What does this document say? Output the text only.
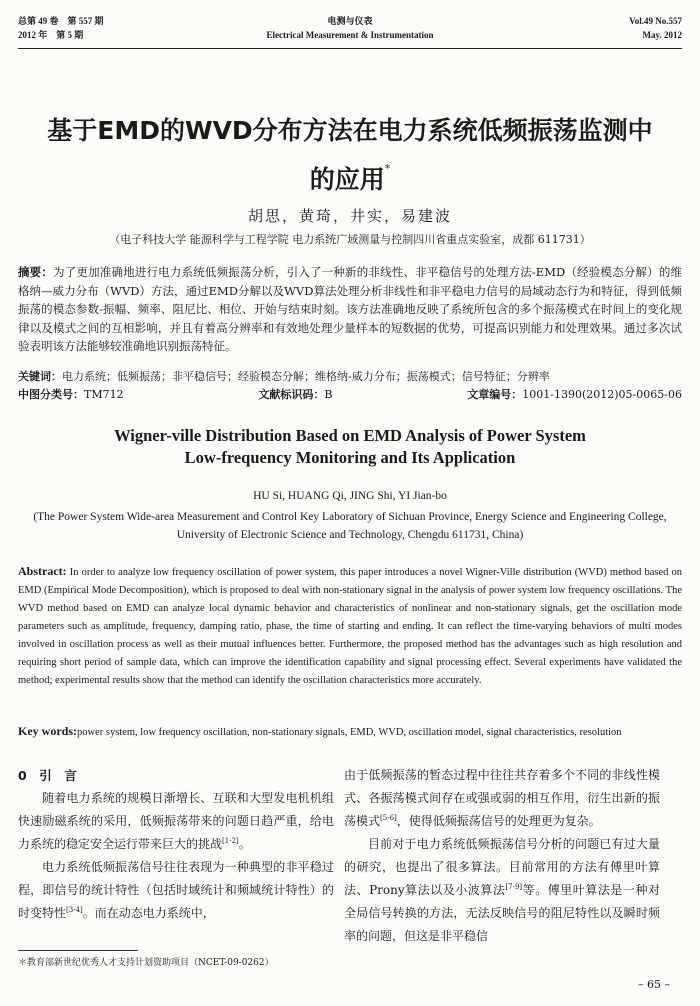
总第 49 卷　第 557 期	电测与仪表	Vol.49 No.557
2012 年　第 5 期	Electrical Measurement & Instrumentation	May. 2012
基于EMD的WVD分布方法在电力系统低频振荡监测中
的应用*
胡思，黄琦，井实，易建波
（电子科技大学 能源科学与工程学院 电力系统广域测量与控制四川省重点实验室，成都 611731）
摘要：为了更加准确地进行电力系统低频振荡分析，引入了一种新的非线性、非平稳信号的处理方法-EMD（经验模态分解）的维格纳—威力分布（WVD）方法，通过EMD分解以及WVD算法处理分析非线性和非平稳电力信号的局域动态行为和特征，得到低频振荡的模态参数-振幅、频率、阻尼比、相位、开始与结束时刻。该方法准确地反映了系统所包含的多个振荡模式在时间上的变化规律以及模式之间的互相影响，并且有着高分辨率和有效地处理少量样本的短数据的优势，可提高识别能力和处理效果。通过多次试验表明该方法能够较准确地识别振荡特征。
关键词：电力系统；低频振荡；非平稳信号；经验模态分解；维格纳-威力分布；振荡模式；信号特征；分辨率
中图分类号：TM712	文献标识码：B	文章编号：1001-1390(2012)05-0065-06
Wigner-ville Distribution Based on EMD Analysis of Power System
Low-frequency Monitoring and Its Application
HU Si, HUANG Qi, JING Shi, YI Jian-bo
(The Power System Wide-area Measurement and Control Key Laboratory of Sichuan Province, Energy Science and Engineering College, University of Electronic Science and Technology, Chengdu 611731, China)
Abstract: In order to analyze low frequency oscillation of power system, this paper introduces a novel Wigner-Ville distribution (WVD) method based on EMD (Empirical Mode Decomposition), which is proposed to deal with non-stationary signal in the analysis of power system low frequency oscillations. The WVD method based on EMD can analyze local dynamic behavior and characteristics of nonlinear and non-stationary signals, get the oscillation mode parameters such as amplitude, frequency, damping ratio, phase, the time of starting and ending. It can reflect the time-varying behaviors of multi modes involved in oscillation process as well as their mutual influences better. Furthermore, the proposed method has the advantages such as high resolution and requiring short period of sample data, which can improve the identification capability and signal processing effect. Several experiments have validated the method; experimental results show that the method can identify the oscillation characteristics more accurately.
Key words:power system, low frequency oscillation, non-stationary signals, EMD, WVD, oscillation model, signal characteristics, resolution
0　 引　言

随着电力系统的规模日渐增长、互联和大型发电机机组快速励磁系统的采用，低频振荡带来的问题日趋严重，给电力系统的稳定安全运行带来巨大的挑战[1-2]。

电力系统低频振荡信号往往表现为一种典型的非平稳过程，即信号的统计特性（包括时域统计和频域统计特性）的时变特性[3-4]。而在动态电力系统中，

由于低频振荡的暂态过程中往往共存着多个不同的非线性模式、各振荡模式间存在或强或弱的相互作用，衍生出新的振荡模式[5-6]，使得低频振荡信号的处理更为复杂。

目前对于电力系统低频振荡信号分析的问题已有过大量的研究，也提出了很多算法。目前常用的方法有傅里叶算法、Prony算法以及小波算法[7-9]等。傅里叶算法是一种对全局信号转换的方法，无法反映信号的阻尼特性以及瞬时频率的问题，但这是非平稳信

＊教育部新世纪优秀人才支持计划资助项目（NCET-09-0262）
– 65 –
